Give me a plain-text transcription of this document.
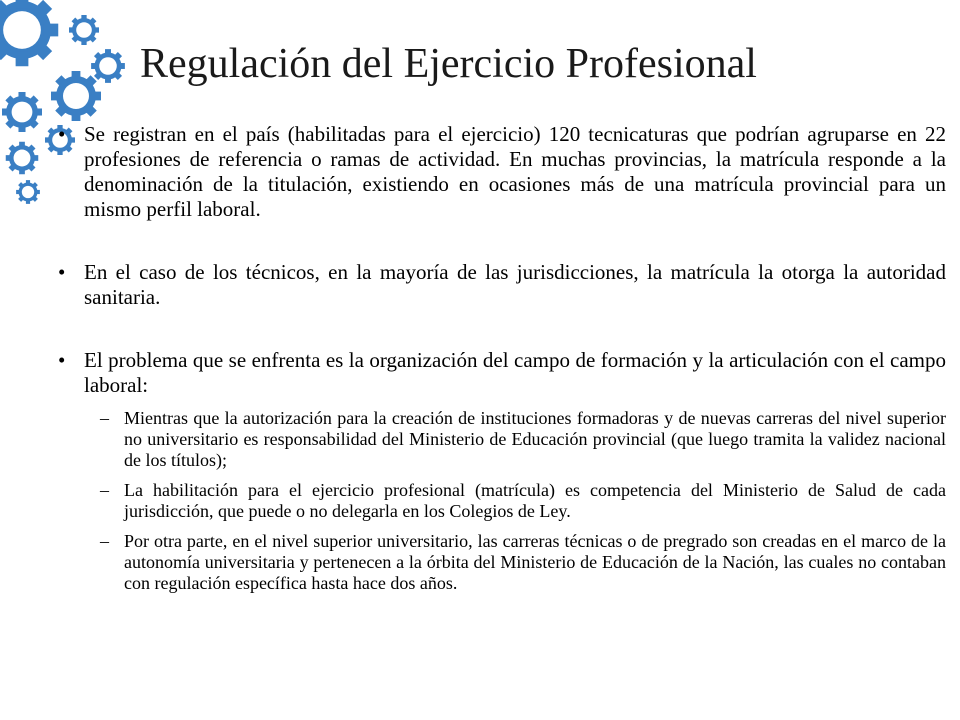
Regulación del Ejercicio Profesional
• Se registran en el país (habilitadas para el ejercicio) 120 tecnicaturas que podrían agruparse en 22 profesiones de referencia o ramas de actividad. En muchas provincias, la matrícula responde a la denominación de la titulación, existiendo en ocasiones más de una matrícula provincial para un mismo perfil laboral.
• En el caso de los técnicos, en la mayoría de las jurisdicciones, la matrícula la otorga la autoridad sanitaria.
• El problema que se enfrenta es la organización del campo de formación y la articulación con el campo laboral:
– Mientras que la autorización para la creación de instituciones formadoras y de nuevas carreras del nivel superior no universitario es responsabilidad del Ministerio de Educación provincial (que luego tramita la validez nacional de los títulos);
– La habilitación para el ejercicio profesional (matrícula) es competencia del Ministerio de Salud de cada jurisdicción, que puede o no delegarla en los Colegios de Ley.
– Por otra parte, en el nivel superior universitario, las carreras técnicas o de pregrado son creadas en el marco de la autonomía universitaria y pertenecen a la órbita del Ministerio de Educación de la Nación, las cuales no contaban con regulación específica hasta hace dos años.
